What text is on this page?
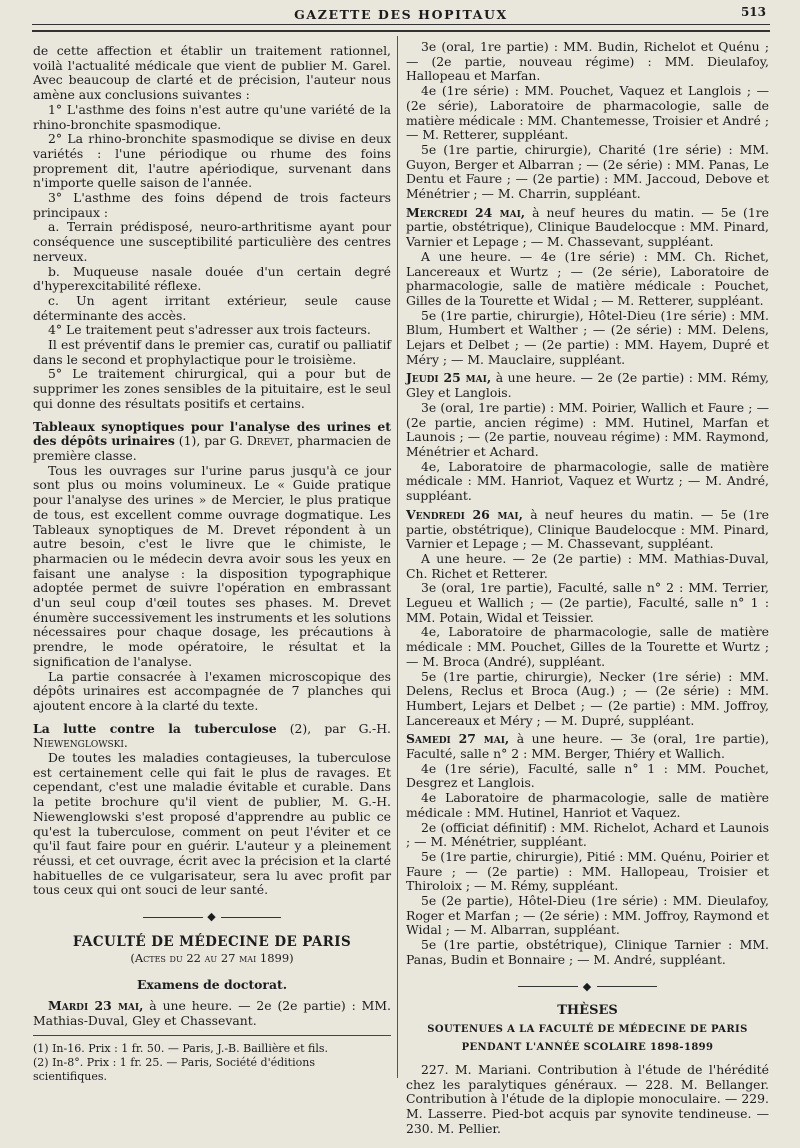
GAZETTE DES HOPITAUX	513

de cette affection et établir un traitement rationnel, voilà l'actualité médicale que vient de publier M. Garel. Avec beaucoup de clarté et de précision, l'auteur nous amène aux conclusions suivantes :

1° L'asthme des foins n'est autre qu'une variété de la rhino-bronchite spasmodique.

2° La rhino-bronchite spasmodique se divise en deux variétés : l'une périodique ou rhume des foins proprement dit, l'autre apériodique, survenant dans n'importe quelle saison de l'année.

3° L'asthme des foins dépend de trois facteurs principaux :

a. Terrain prédisposé, neuro-arthritisme ayant pour conséquence une susceptibilité particulière des centres nerveux.

b. Muqueuse nasale douée d'un certain degré d'hyperexcitabilité réflexe.

c. Un agent irritant extérieur, seule cause déterminante des accès.

4° Le traitement peut s'adresser aux trois facteurs.

Il est préventif dans le premier cas, curatif ou palliatif dans le second et prophylactique pour le troisième.

5° Le traitement chirurgical, qui a pour but de supprimer les zones sensibles de la pituitaire, est le seul qui donne des résultats positifs et certains.

Tableaux synoptiques pour l'analyse des urines et des dépôts urinaires (1), par G. Drevet, pharmacien de première classe.

Tous les ouvrages sur l'urine parus jusqu'à ce jour sont plus ou moins volumineux. Le « Guide pratique pour l'analyse des urines » de Mercier, le plus pratique de tous, est excellent comme ouvrage dogmatique. Les Tableaux synoptiques de M. Drevet répondent à un autre besoin, c'est le livre que le chimiste, le pharmacien ou le médecin devra avoir sous les yeux en faisant une analyse : la disposition typographique adoptée permet de suivre l'opération en embrassant d'un seul coup d'œil toutes ses phases. M. Drevet énumère successivement les instruments et les solutions nécessaires pour chaque dosage, les précautions à prendre, le mode opératoire, le résultat et la signification de l'analyse.

La partie consacrée à l'examen microscopique des dépôts urinaires est accompagnée de 7 planches qui ajoutent encore à la clarté du texte.

La lutte contre la tuberculose (2), par G.-H. Niewenglowski.

De toutes les maladies contagieuses, la tuberculose est certainement celle qui fait le plus de ravages. Et cependant, c'est une maladie évitable et curable. Dans la petite brochure qu'il vient de publier, M. G.-H. Niewenglowski s'est proposé d'apprendre au public ce qu'est la tuberculose, comment on peut l'éviter et ce qu'il faut faire pour en guérir. L'auteur y a pleinement réussi, et cet ouvrage, écrit avec la précision et la clarté habituelles de ce vulgarisateur, sera lu avec profit par tous ceux qui ont souci de leur santé.

◆
FACULTÉ DE MÉDECINE DE PARIS
(Actes du 22 au 27 mai 1899)
Examens de doctorat.

Mardi 23 mai, à une heure. — 2e (2e partie) : MM. Mathias-Duval, Gley et Chassevant.

(1) In-16. Prix : 1 fr. 50. — Paris, J.-B. Baillière et fils.

(2) In-8°. Prix : 1 fr. 25. — Paris, Société d'éditions scientifiques.

3e (oral, 1re partie) : MM. Budin, Richelot et Quénu ; — (2e partie, nouveau régime) : MM. Dieulafoy, Hallopeau et Marfan.

4e (1re série) : MM. Pouchet, Vaquez et Langlois ; — (2e série), Laboratoire de pharmacologie, salle de matière médicale : MM. Chantemesse, Troisier et André ; — M. Retterer, suppléant.

5e (1re partie, chirurgie), Charité (1re série) : MM. Guyon, Berger et Albarran ; — (2e série) : MM. Panas, Le Dentu et Faure ; — (2e partie) : MM. Jaccoud, Debove et Ménétrier ; — M. Charrin, suppléant.

Mercredi 24 mai, à neuf heures du matin. — 5e (1re partie, obstétrique), Clinique Baudelocque : MM. Pinard, Varnier et Lepage ; — M. Chassevant, suppléant.

A une heure. — 4e (1re série) : MM. Ch. Richet, Lancereaux et Wurtz ; — (2e série), Laboratoire de pharmacologie, salle de matière médicale : Pouchet, Gilles de la Tourette et Widal ; — M. Retterer, suppléant.

5e (1re partie, chirurgie), Hôtel-Dieu (1re série) : MM. Blum, Humbert et Walther ; — (2e série) : MM. Delens, Lejars et Delbet ; — (2e partie) : MM. Hayem, Dupré et Méry ; — M. Mauclaire, suppléant.

Jeudi 25 mai, à une heure. — 2e (2e partie) : MM. Rémy, Gley et Langlois.

3e (oral, 1re partie) : MM. Poirier, Wallich et Faure ; — (2e partie, ancien régime) : MM. Hutinel, Marfan et Launois ; — (2e partie, nouveau régime) : MM. Raymond, Ménétrier et Achard.

4e, Laboratoire de pharmacologie, salle de matière médicale : MM. Hanriot, Vaquez et Wurtz ; — M. André, suppléant.

Vendredi 26 mai, à neuf heures du matin. — 5e (1re partie, obstétrique), Clinique Baudelocque : MM. Pinard, Varnier et Lepage ; — M. Chassevant, suppléant.

A une heure. — 2e (2e partie) : MM. Mathias-Duval, Ch. Richet et Retterer.

3e (oral, 1re partie), Faculté, salle n° 2 : MM. Terrier, Legueu et Wallich ; — (2e partie), Faculté, salle n° 1 : MM. Potain, Widal et Teissier.

4e, Laboratoire de pharmacologie, salle de matière médicale : MM. Pouchet, Gilles de la Tourette et Wurtz ; — M. Broca (André), suppléant.

5e (1re partie, chirurgie), Necker (1re série) : MM. Delens, Reclus et Broca (Aug.) ; — (2e série) : MM. Humbert, Lejars et Delbet ; — (2e partie) : MM. Joffroy, Lancereaux et Méry ; — M. Dupré, suppléant.

Samedi 27 mai, à une heure. — 3e (oral, 1re partie), Faculté, salle n° 2 : MM. Berger, Thiéry et Wallich.

4e (1re série), Faculté, salle n° 1 : MM. Pouchet, Desgrez et Langlois.

4e Laboratoire de pharmacologie, salle de matière médicale : MM. Hutinel, Hanriot et Vaquez.

2e (officiat définitif) : MM. Richelot, Achard et Launois ; — M. Ménétrier, suppléant.

5e (1re partie, chirurgie), Pitié : MM. Quénu, Poirier et Faure ; — (2e partie) : MM. Hallopeau, Troisier et Thiroloix ; — M. Rémy, suppléant.

5e (2e partie), Hôtel-Dieu (1re série) : MM. Dieulafoy, Roger et Marfan ; — (2e série) : MM. Joffroy, Raymond et Widal ; — M. Albarran, suppléant.

5e (1re partie, obstétrique), Clinique Tarnier : MM. Panas, Budin et Bonnaire ; — M. André, suppléant.

◆
THÈSES
SOUTENUES A LA FACULTÉ DE MÉDECINE DE PARIS
PENDANT L'ANNÉE SCOLAIRE 1898-1899

227. M. Mariani. Contribution à l'étude de l'hérédité chez les paralytiques généraux. — 228. M. Bellanger. Contribution à l'étude de la diplopie monoculaire. — 229. M. Lasserre. Pied-bot acquis par synovite tendineuse. — 230. M. Pellier.
